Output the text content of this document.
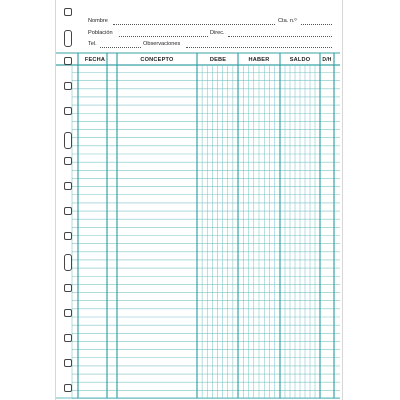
Nombre	Cta. n.º
Población	Direc.
Tel.	Observaciones
FECHA	CONCEPTO	DEBE	HABER	SALDO	D/H
